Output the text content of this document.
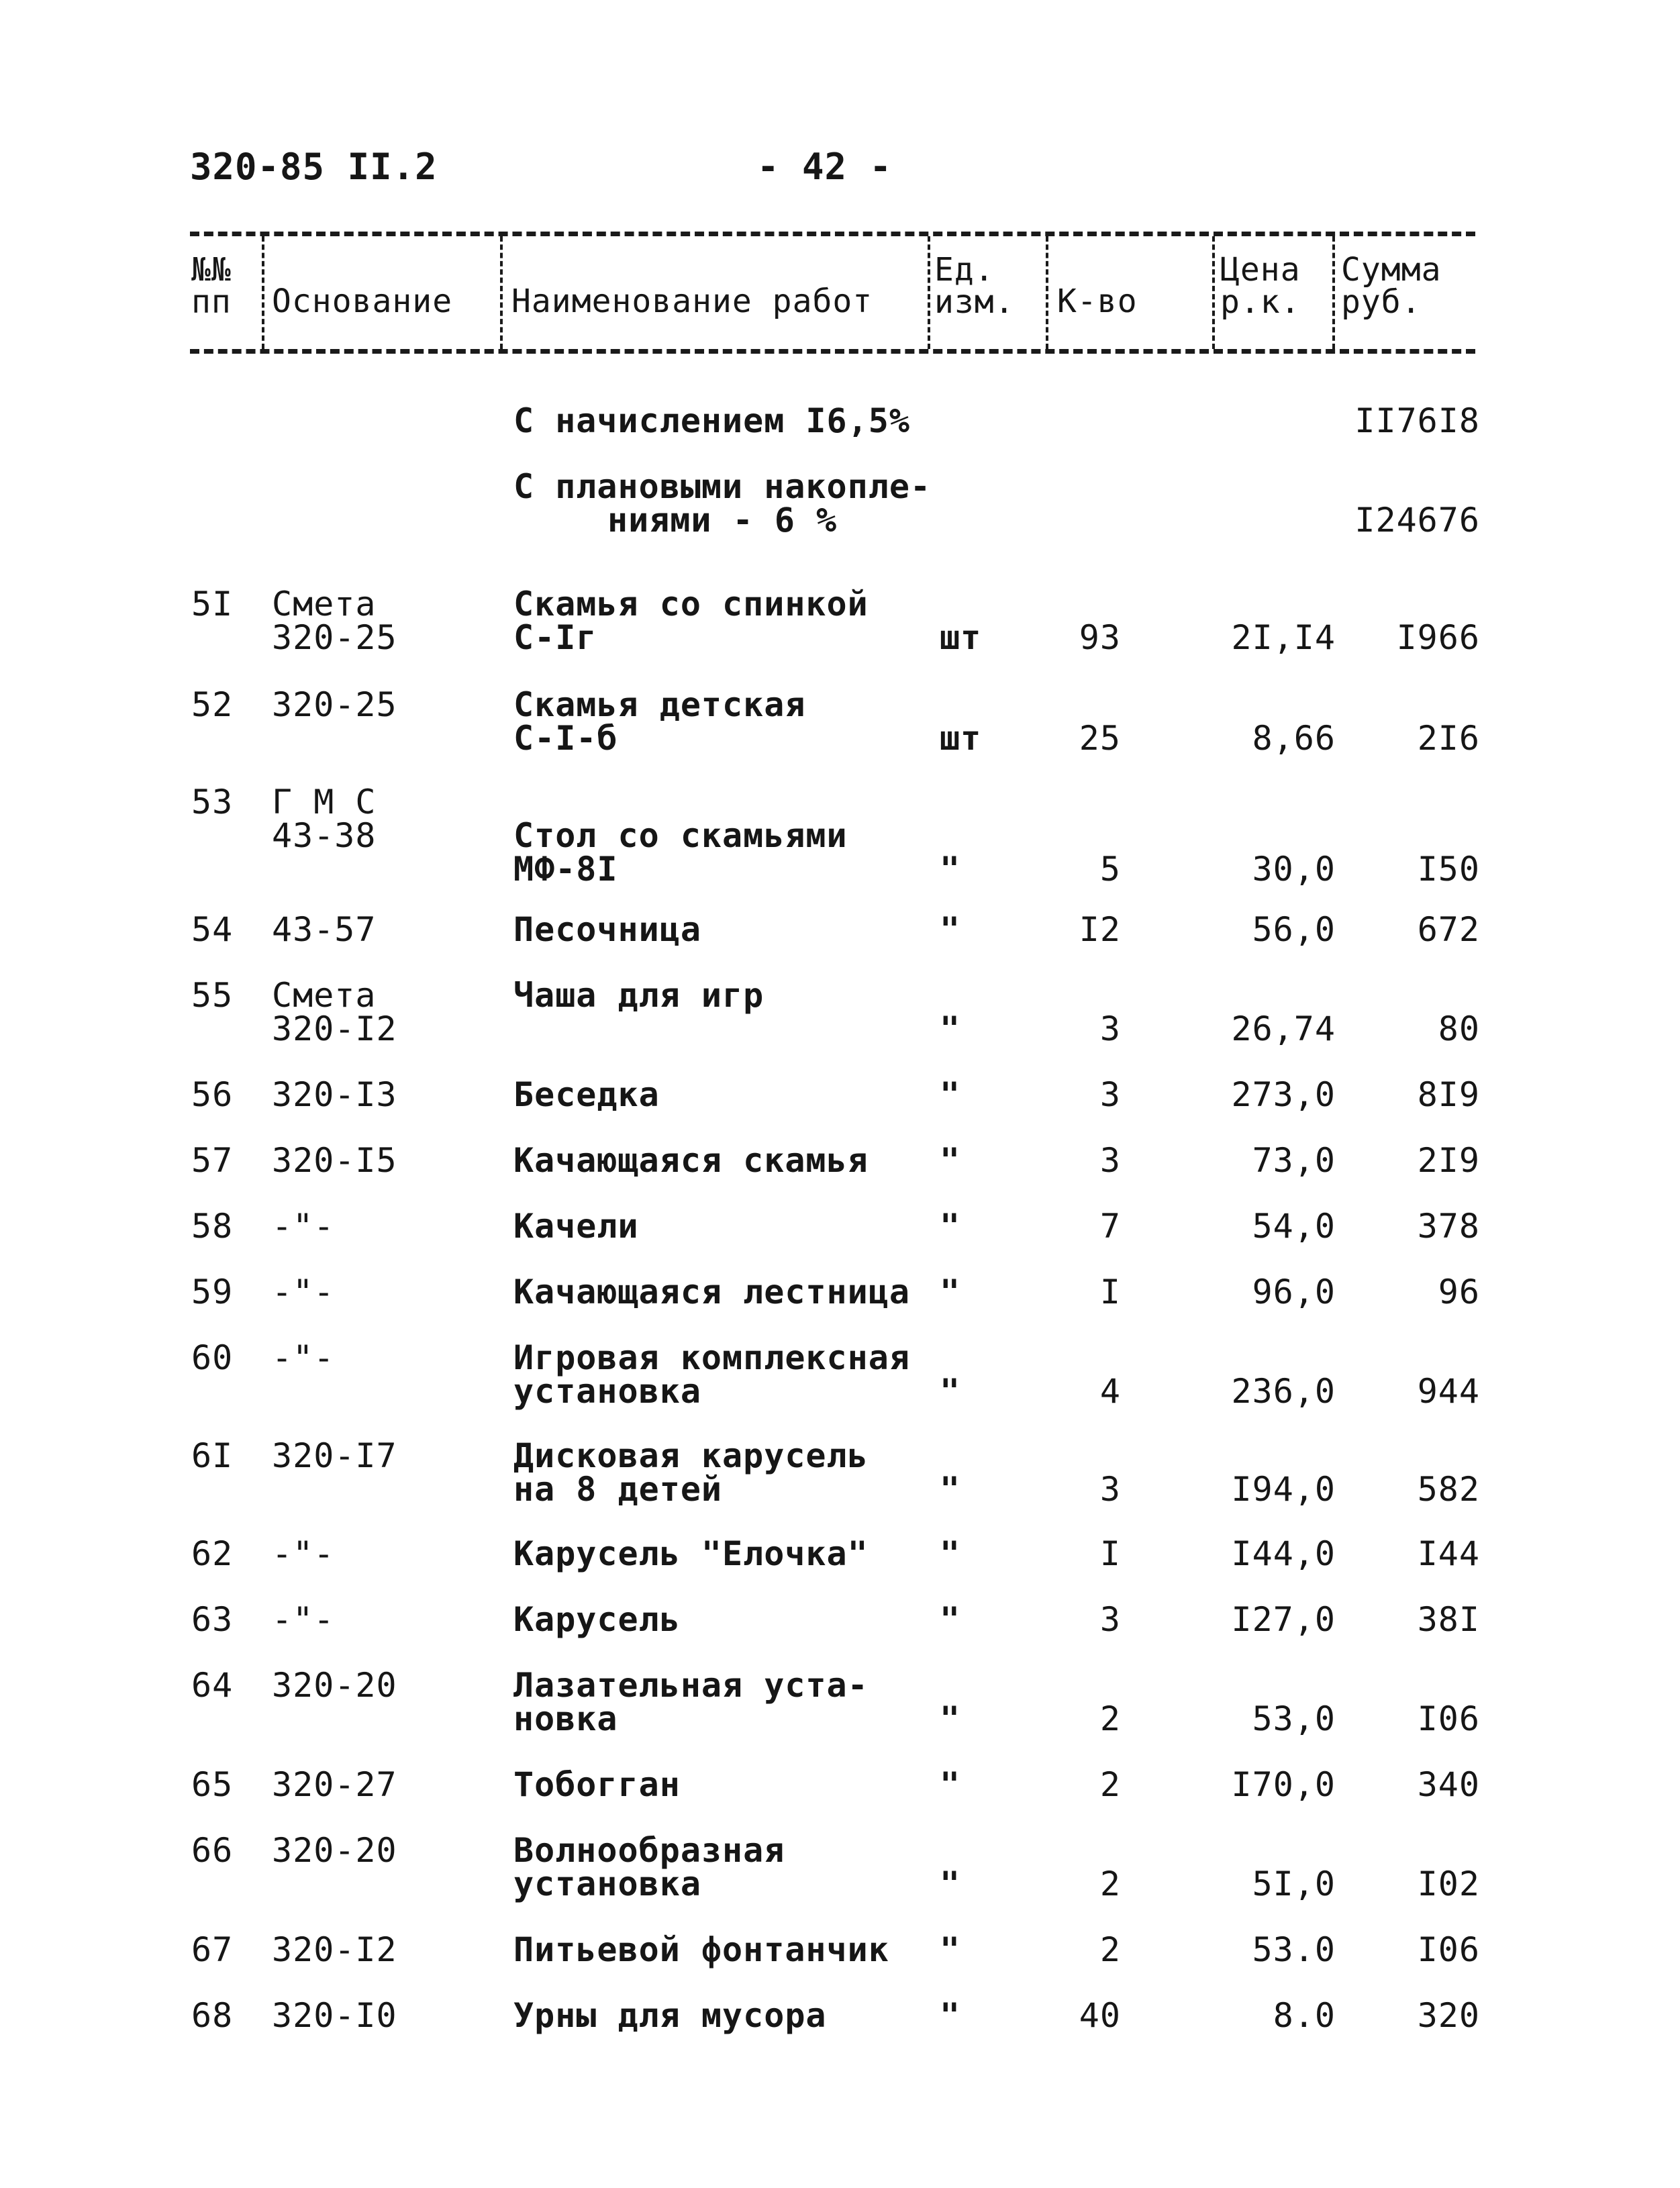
320-85 II.2	- 42 -
№№
пп Основание Наименование работ
Ед.
изм. К-во
Цена
р.к.
Сумма
руб.
С начислением I6,5%	II76I8
С плановыми накопле-
ниями - 6 %	I24676
5I Смета
320-25
Скамья со спинкой
С-Iг	шт	93	2I,I4	I966
52 320-25	Скамья детская
С-I-б	шт	25	8,66	2I6
53 Г М С
43-38	Стол со скамьями
МФ-8I	"	5	30,0	I50
54 43-57	Песочница	"	I2	56,0	672
55 Смета
320-I2
Чаша для игр
"	3	26,74	80
56 320-I3	Беседка	"	3	273,0	8I9
57 320-I5	Качающаяся скамья "	3	73,0	2I9
58 -"-	Качели	"	7	54,0	378
59 -"-	Качающаяся лестница "	I	96,0	96
60 -"-	Игровая комплексная
установка	"	4	236,0	944
6I 320-I7	Дисковая карусель
на 8 детей	"	3	I94,0	582
62 -"-	Карусель "Елочка" "	I	I44,0	I44
63 -"-	Карусель	"	3	I27,0	38I
64 320-20	Лазательная уста-
новка	"	2	53,0	I06
65 320-27	Тобогган	"	2	I70,0	340
66 320-20	Волнообразная
установка	"	2	5I,0	I02
67 320-I2	Питьевой фонтанчик "	2	53.0	I06
68 320-I0	Урны для мусора	"	40	8.0	320
